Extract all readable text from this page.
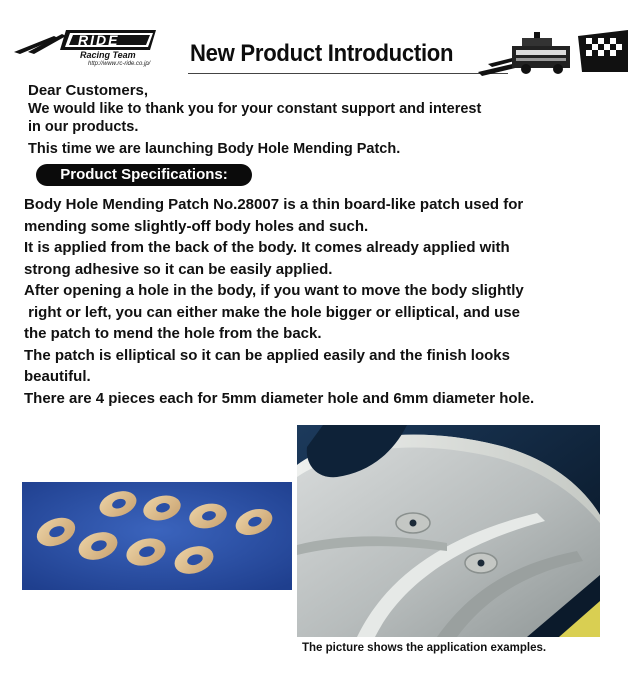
RIDE
Racing Team
http://www.rc-ride.co.jp/ New Product Introduction
Dear Customers,
We would like to thank you for your constant support and interest
in our products.
This time we are launching Body Hole Mending Patch.
Product Specifications:

Body Hole Mending Patch No.28007 is a thin board-like patch used for

mending some slightly-off body holes and such.

It is applied from the back of the body. It comes already applied with

strong adhesive so it can be easily applied.

After opening a hole in the body, if you want to move the body slightly

right or left, you can either make the hole bigger or elliptical, and use

the patch to mend the hole from the back.

The patch is elliptical so it can be applied easily and the finish looks

beautiful.

There are 4 pieces each for 5mm diameter hole and 6mm diameter hole.

The picture shows the application examples.
